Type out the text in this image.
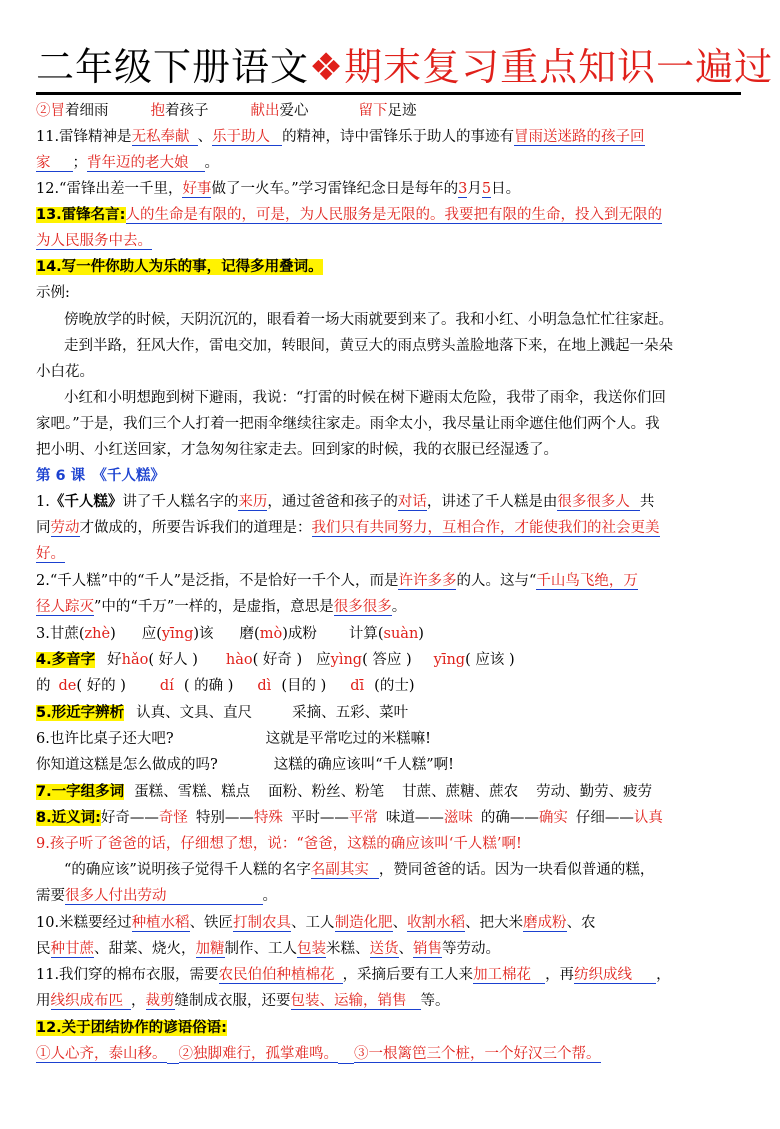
二年级下册语文❖期末复习重点知识一遍过
②冒着细雨	抱着孩子	献出爱心	留下足迹
11.雷锋精神是无私奉献 、乐于助人 的精神，诗中雷锋乐于助人的事迹有冒雨送迷路的孩子回
家 ；背年迈的老大娘 。
12.“雷锋出差一千里，好事做了一火车。”学习雷锋纪念日是每年的3月5日。
13.雷锋名言:人的生命是有限的，可是，为人民服务是无限的。我要把有限的生命，投入到无限的
为人民服务中去。
14.写一件你助人为乐的事，记得多用叠词。
示例:
傍晚放学的时候，天阴沉沉的，眼看着一场大雨就要到来了。我和小红、小明急急忙忙往家赶。
走到半路，狂风大作，雷电交加，转眼间，黄豆大的雨点劈头盖脸地落下来，在地上溅起一朵朵
小白花。
小红和小明想跑到树下避雨，我说：“打雷的时候在树下避雨太危险，我带了雨伞，我送你们回
家吧。”于是，我们三个人打着一把雨伞继续往家走。雨伞太小，我尽量让雨伞遮住他们两个人。我
把小明、小红送回家，才急匆匆往家走去。回到家的时候，我的衣服已经湿透了。
第 6 课　《千人糕》
1.《千人糕》讲了千人糕名字的来历，通过爸爸和孩子的对话，讲述了千人糕是由很多很多人 共
同劳动才做成的，所要告诉我们的道理是：我们只有共同努力，互相合作，才能使我们的社会更美
好。
2.“千人糕”中的“千人”是泛指，不是恰好一千个人，而是许许多多的人。这与“千山鸟飞绝，万
径人踪灭”中的“千万”一样的，是虚指，意思是很多很多。
3.甘蔗(zhè) 应(yīng)该 磨(mò)成粉 计算(suàn)
4.多音字 好hǎo( 好人 ) hào( 好奇 ) 应yìng( 答应 ) yīng( 应该 )
的 de( 好的 ) dí ( 的确 ) dì (目的 ) dī (的士)
5.形近字辨析 认真、文具、直尺	采摘、五彩、菜叶
6.也许比桌子还大吧?	这就是平常吃过的米糕嘛!
你知道这糕是怎么做成的吗?	这糕的确应该叫“千人糕”啊!
7.一字组多词 蛋糕、雪糕、糕点 面粉、粉丝、粉笔 甘蔗、蔗糖、蔗农 劳动、勤劳、疲劳
8.近义词:好奇——奇怪 特别——特殊 平时——平常 味道——滋味 的确——确实 仔细——认真
9.孩子听了爸爸的话，仔细想了想，说：“爸爸，这糕的确应该叫‘千人糕’啊!
“的确应该”说明孩子觉得千人糕的名字名副其实 ，赞同爸爸的话。因为一块看似普通的糕，
需要很多人付出劳动	。
10.米糕要经过种植水稻、铁匠打制农具、工人制造化肥、收割水稻、把大米磨成粉、农
民种甘蔗、甜菜、烧火，加糖制作、工人包装米糕、送货、销售等劳动。
11.我们穿的棉布衣服，需要农民伯伯种植棉花 ，采摘后要有工人来加工棉花 ，再纺织成线 ，
用线织成布匹 ，裁剪缝制成衣服，还要包装、运输，销售 等。
12.关于团结协作的谚语俗语:
①人心齐，泰山移。 ②独脚难行，孤掌难鸣。 ③一根篱笆三个桩，一个好汉三个帮。
